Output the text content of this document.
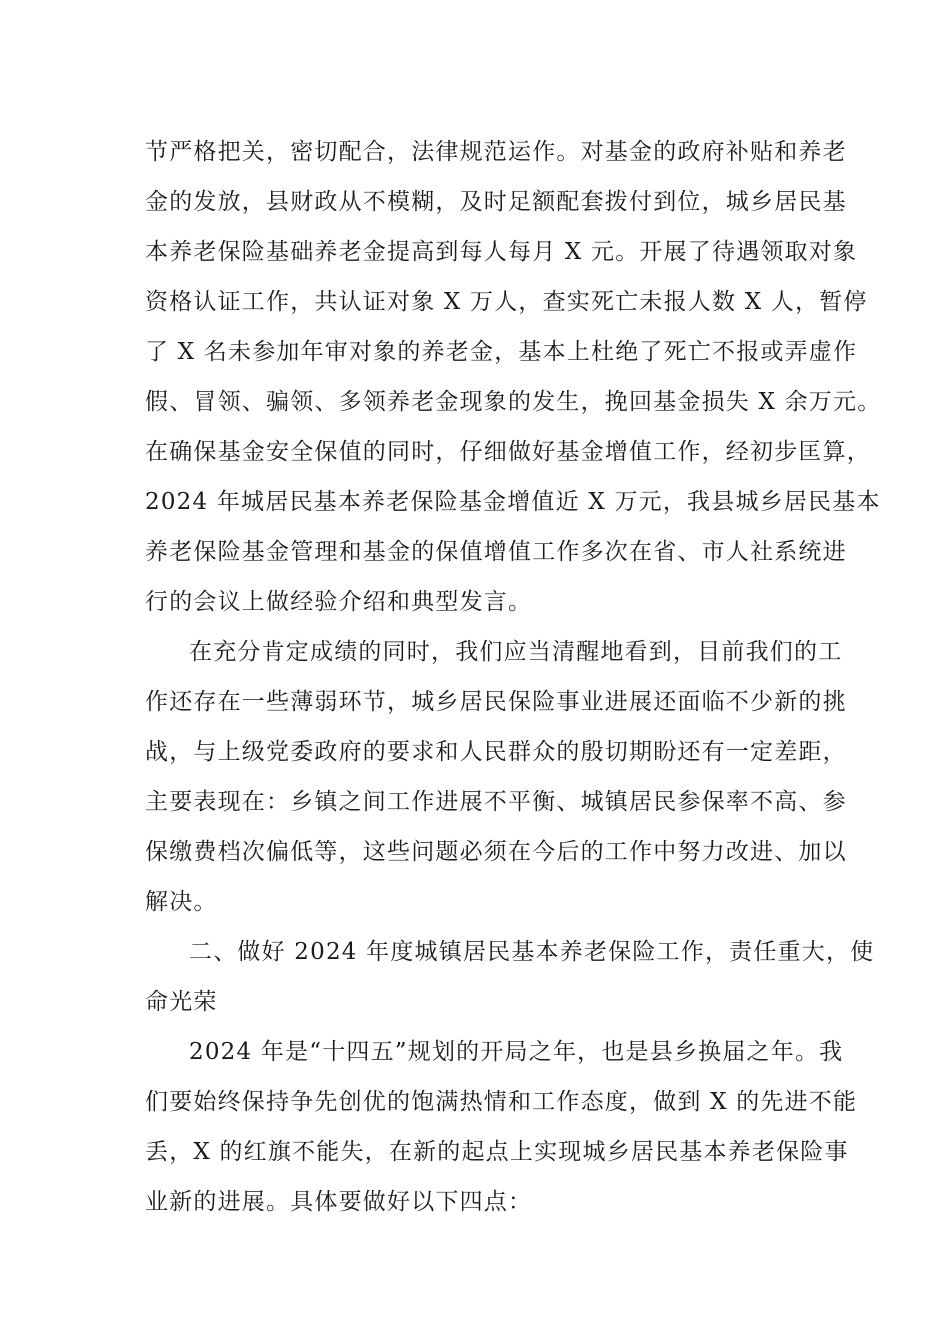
节严格把关，密切配合，法律规范运作。对基金的政府补贴和养老
金的发放，县财政从不模糊，及时足额配套拨付到位，城乡居民基
本养老保险基础养老金提高到每人每月 X 元。开展了待遇领取对象
资格认证工作，共认证对象 X 万人，查实死亡未报人数 X 人，暂停
了 X 名未参加年审对象的养老金，基本上杜绝了死亡不报或弄虚作
假、冒领、骗领、多领养老金现象的发生，挽回基金损失 X 余万元。
在确保基金安全保值的同时，仔细做好基金增值工作，经初步匡算，
2024 年城居民基本养老保险基金增值近 X 万元，我县城乡居民基本
养老保险基金管理和基金的保值增值工作多次在省、市人社系统进
行的会议上做经验介绍和典型发言。
在充分肯定成绩的同时，我们应当清醒地看到，目前我们的工
作还存在一些薄弱环节，城乡居民保险事业进展还面临不少新的挑
战，与上级党委政府的要求和人民群众的殷切期盼还有一定差距，
主要表现在：乡镇之间工作进展不平衡、城镇居民参保率不高、参
保缴费档次偏低等，这些问题必须在今后的工作中努力改进、加以
解决。
二、做好 2024 年度城镇居民基本养老保险工作，责任重大，使
命光荣
2024 年是“十四五”规划的开局之年，也是县乡换届之年。我
们要始终保持争先创优的饱满热情和工作态度，做到 X 的先进不能
丢，X 的红旗不能失，在新的起点上实现城乡居民基本养老保险事
业新的进展。具体要做好以下四点：
